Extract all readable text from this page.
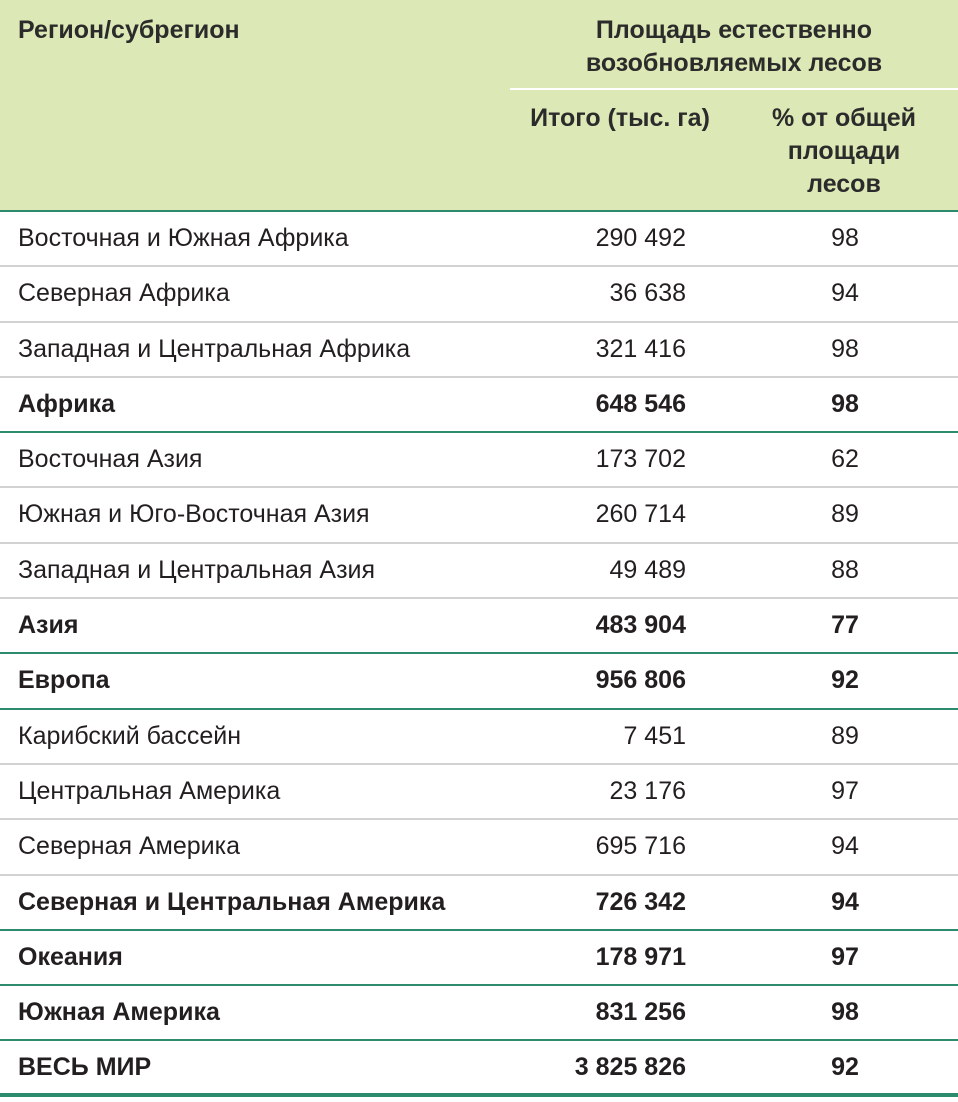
Регион/субрегион	Площадь естественно
возобновляемых лесов
Итого (тыс. га)	% от общей
площади
лесов
Восточная и Южная Африка	290 492	98
Северная Африка	36 638	94
Западная и Центральная Африка	321 416	98
Африка	648 546	98
Восточная Азия	173 702	62
Южная и Юго-Восточная Азия	260 714	89
Западная и Центральная Азия	49 489	88
Азия	483 904	77
Европа	956 806	92
Карибский бассейн	7 451	89
Центральная Америка	23 176	97
Северная Америка	695 716	94
Северная и Центральная Америка	726 342	94
Океания	178 971	97
Южная Америка	831 256	98
ВЕСЬ МИР	3 825 826	92
